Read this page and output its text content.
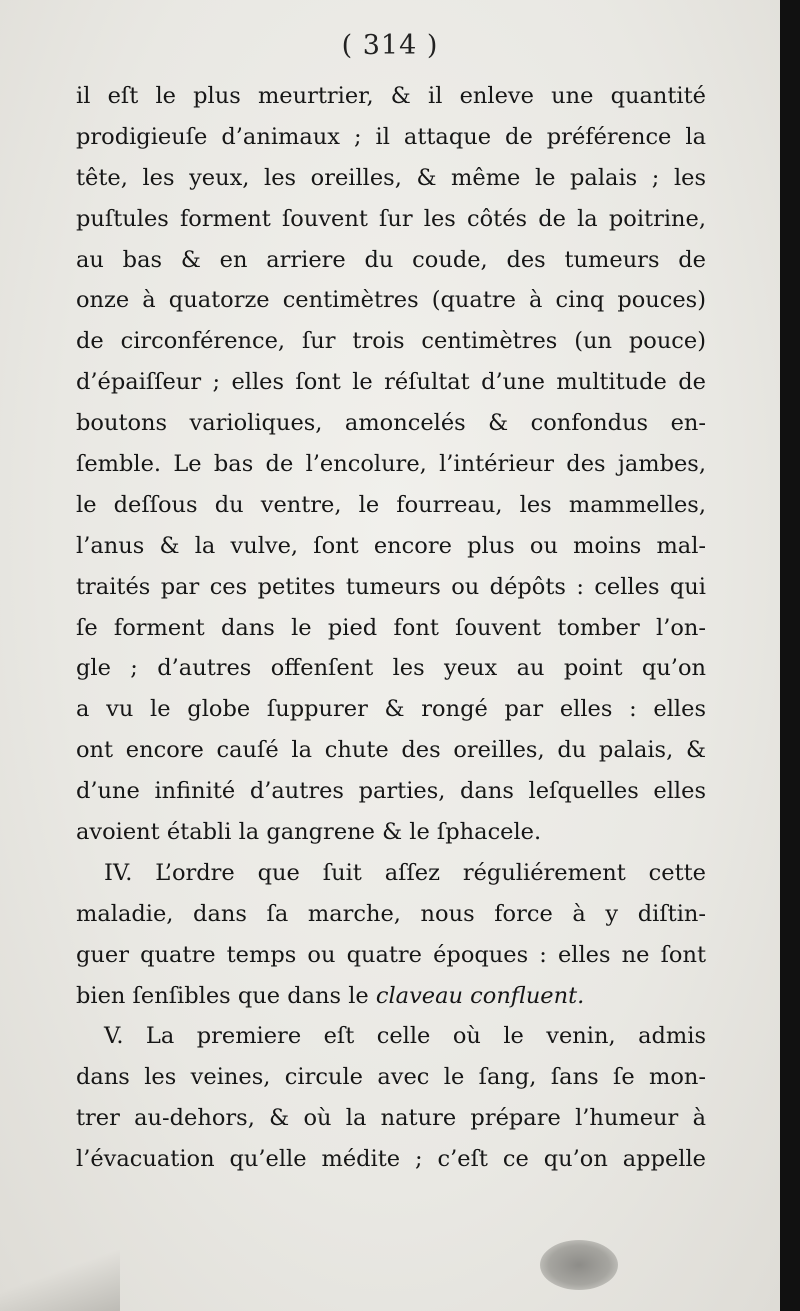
( 314 )
il eſt le plus meurtrier, & il enleve une quantité
prodigieuſe d’animaux ; il attaque de préférence la
tête, les yeux, les oreilles, & même le palais ; les
puſtules forment ſouvent ſur les côtés de la poitrine,
au bas & en arriere du coude, des tumeurs de
onze à quatorze centimètres (quatre à cinq pouces)
de circonférence, ſur trois centimètres (un pouce)
d’épaiſſeur ; elles ſont le réſultat d’une multitude de
boutons varioliques, amoncelés & confondus en-
ſemble. Le bas de l’encolure, l’intérieur des jambes,
le deſſous du ventre, le fourreau, les mammelles,
l’anus & la vulve, ſont encore plus ou moins mal-
traités par ces petites tumeurs ou dépôts : celles qui
ſe forment dans le pied font ſouvent tomber l’on-
gle ; d’autres offenſent les yeux au point qu’on
a vu le globe ſuppurer & rongé par elles : elles
ont encore cauſé la chute des oreilles, du palais, &
d’une infinité d’autres parties, dans leſquelles elles
avoient établi la gangrene & le ſphacele.
IV. L’ordre que ſuit aſſez réguliérement cette
maladie, dans ſa marche, nous force à y diſtin-
guer quatre temps ou quatre époques : elles ne ſont
bien ſenſibles que dans le claveau confluent.
V. La premiere eſt celle où le venin, admis
dans les veines, circule avec le ſang, ſans ſe mon-
trer au-dehors, & où la nature prépare l’humeur à
l’évacuation qu’elle médite ; c’eſt ce qu’on appelle
